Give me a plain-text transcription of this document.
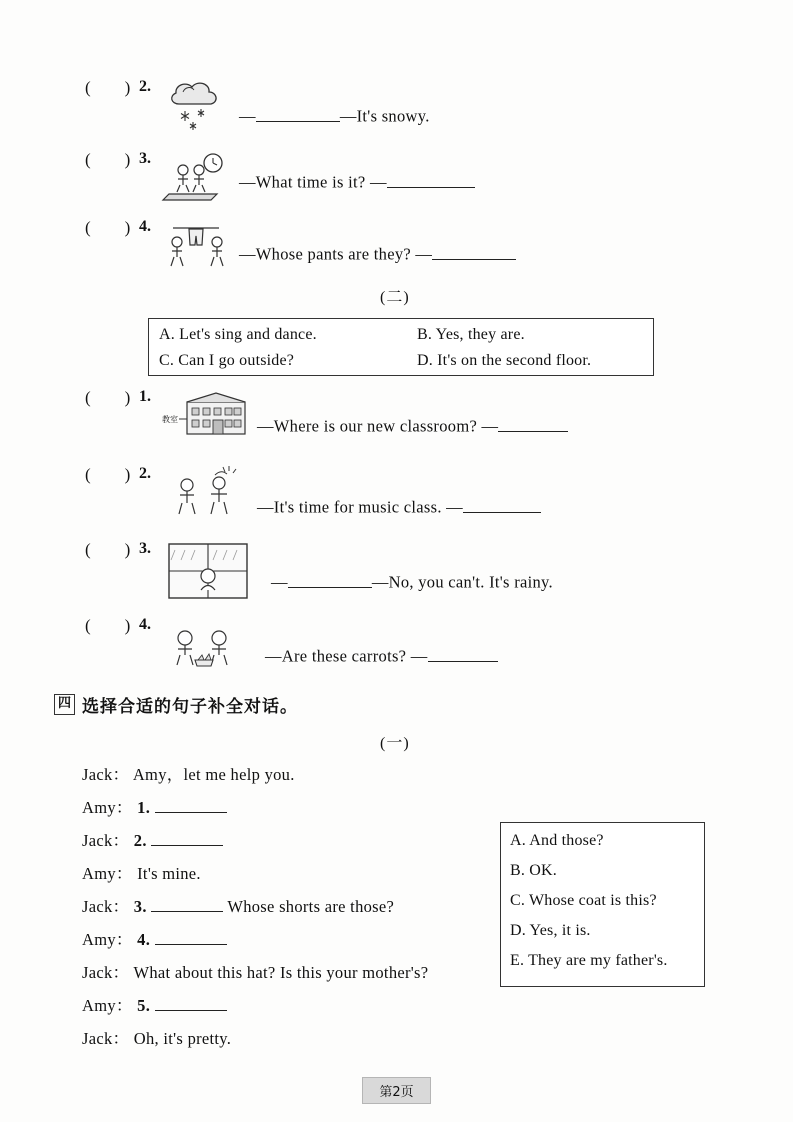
(        ) 2.
—	—It's snowy.
(        ) 3.
—What time is it? —
(        ) 4.
—Whose pants are they? —
(二)
A. Let's sing and dance.	B. Yes, they are.
C. Can I go outside?	D. It's on the second floor.
(        ) 1.
教室	—Where is our new classroom? —
(        ) 2.
—It's time for music class. —
(        ) 3.
—	—No, you can't. It's rainy.
(        ) 4.
—Are these carrots? —
四 选择合适的句子补全对话。
(一)
Jack： Amy，let me help you.
Amy： 1.
Jack： 2.
Amy： It's mine.
Jack： 3.	Whose shorts are those?
Amy： 4.
Jack： What about this hat? Is this your mother's?
Amy： 5.
Jack： Oh, it's pretty.
A. And those?
B. OK.
C. Whose coat is this?
D. Yes, it is.
E. They are my father's.
第2页
